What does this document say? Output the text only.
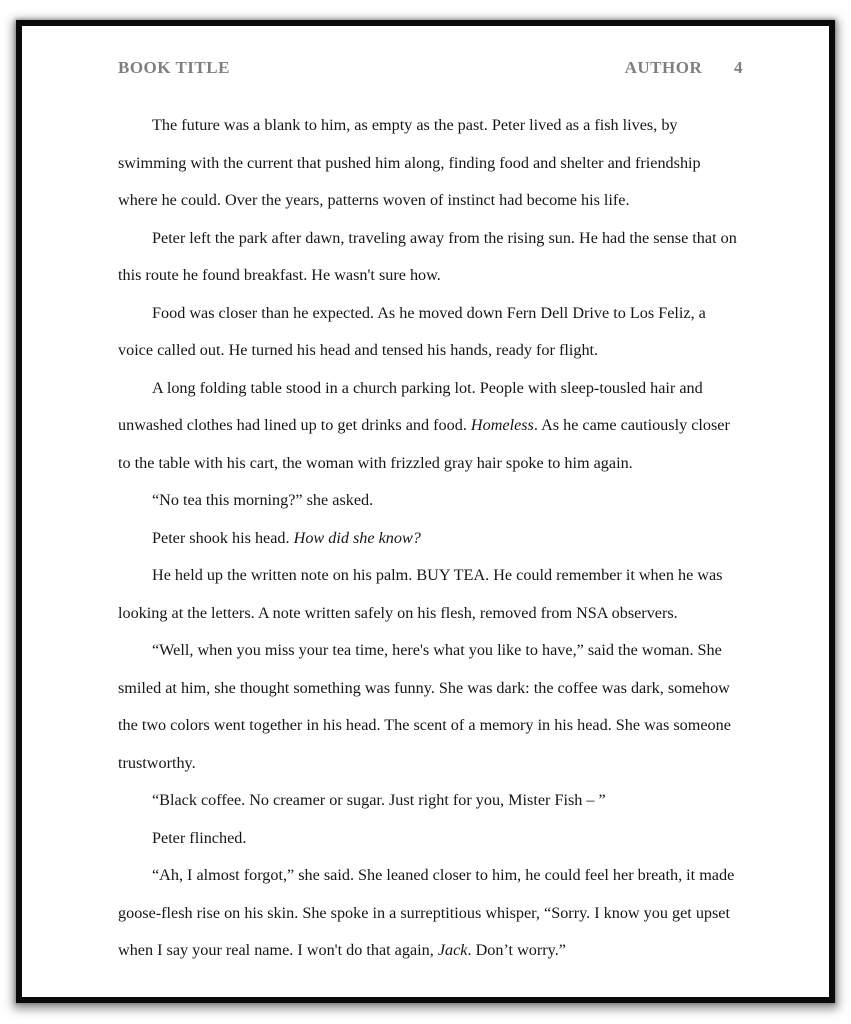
BOOK TITLE	AUTHOR 4

The future was a blank to him, as empty as the past. Peter lived as a fish lives, by swimming with the current that pushed him along, finding food and shelter and friendship where he could. Over the years, patterns woven of instinct had become his life.

Peter left the park after dawn, traveling away from the rising sun. He had the sense that on this route he found breakfast. He wasn't sure how.

Food was closer than he expected. As he moved down Fern Dell Drive to Los Feliz, a voice called out. He turned his head and tensed his hands, ready for flight.

A long folding table stood in a church parking lot. People with sleep-tousled hair and unwashed clothes had lined up to get drinks and food. Homeless. As he came cautiously closer to the table with his cart, the woman with frizzled gray hair spoke to him again.

“No tea this morning?” she asked.

Peter shook his head. How did she know?

He held up the written note on his palm. BUY TEA. He could remember it when he was looking at the letters. A note written safely on his flesh, removed from NSA observers.

“Well, when you miss your tea time, here's what you like to have,” said the woman. She smiled at him, she thought something was funny. She was dark: the coffee was dark, somehow the two colors went together in his head. The scent of a memory in his head. She was someone trustworthy.

“Black coffee. No creamer or sugar. Just right for you, Mister Fish – ”

Peter flinched.

“Ah, I almost forgot,” she said. She leaned closer to him, he could feel her breath, it made goose-flesh rise on his skin. She spoke in a surreptitious whisper, “Sorry. I know you get upset when I say your real name. I won't do that again, Jack. Don’t worry.”
